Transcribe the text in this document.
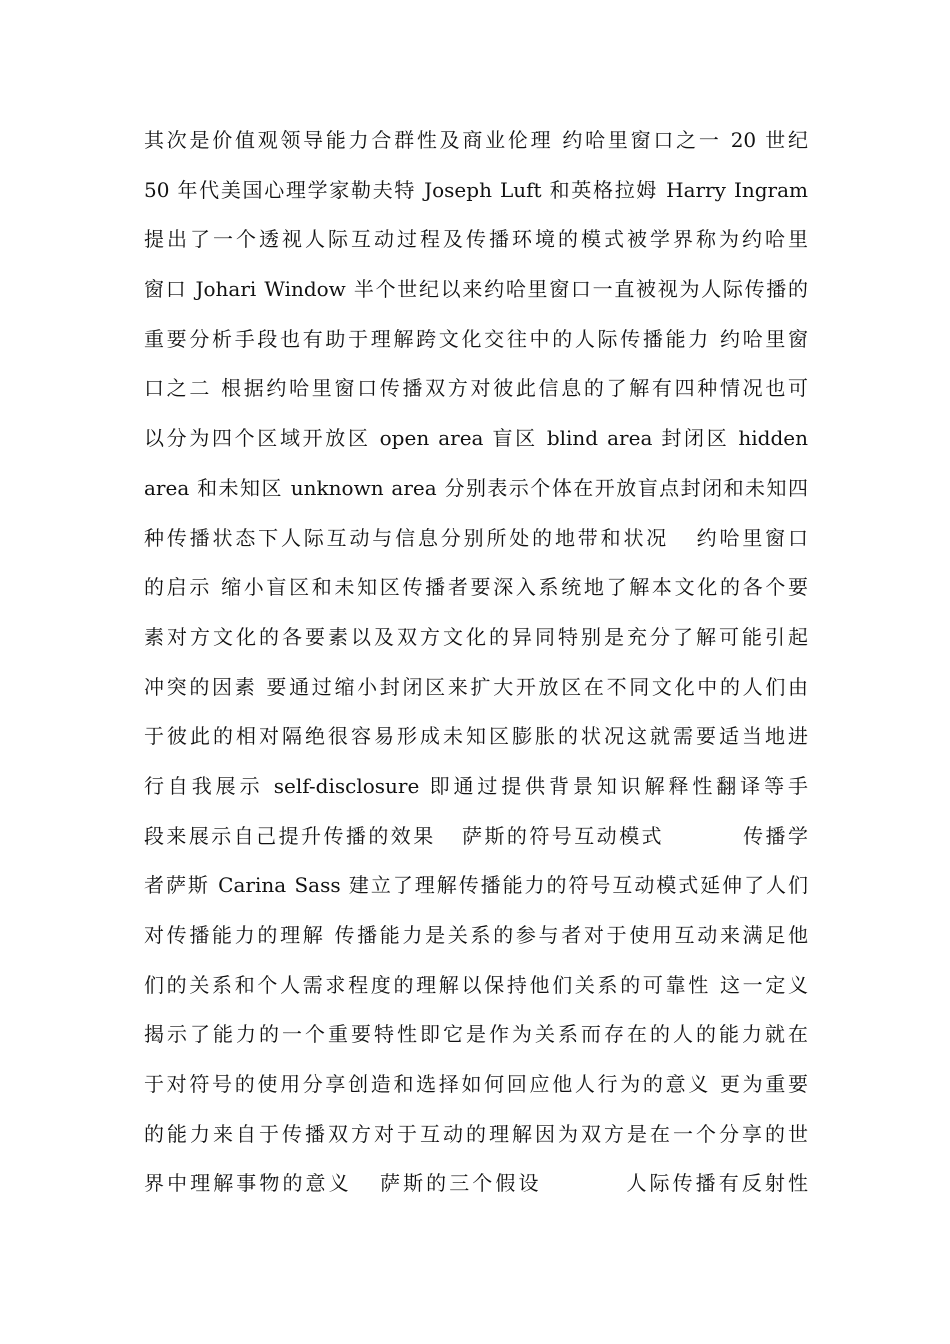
其次是价值观领导能力合群性及商业伦理 约哈里窗口之一 20 世纪
50 年代美国心理学家勒夫特 Joseph Luft 和英格拉姆 Harry Ingram
提出了一个透视人际互动过程及传播环境的模式被学界称为约哈里
窗口 Johari Window 半个世纪以来约哈里窗口一直被视为人际传播的
重要分析手段也有助于理解跨文化交往中的人际传播能力 约哈里窗
口之二 根据约哈里窗口传播双方对彼此信息的了解有四种情况也可
以分为四个区域开放区 open area 盲区 blind area 封闭区 hidden
area 和未知区 unknown area 分别表示个体在开放盲点封闭和未知四
种传播状态下人际互动与信息分别所处的地带和状况   约哈里窗口
的启示 缩小盲区和未知区传播者要深入系统地了解本文化的各个要
素对方文化的各要素以及双方文化的异同特别是充分了解可能引起
冲突的因素 要通过缩小封闭区来扩大开放区在不同文化中的人们由
于彼此的相对隔绝很容易形成未知区膨胀的状况这就需要适当地进
行自我展示 self-disclosure 即通过提供背景知识解释性翻译等手
段来展示自己提升传播的效果   萨斯的符号互动模式         传播学
者萨斯 Carina Sass 建立了理解传播能力的符号互动模式延伸了人们
对传播能力的理解 传播能力是关系的参与者对于使用互动来满足他
们的关系和个人需求程度的理解以保持他们关系的可靠性 这一定义
揭示了能力的一个重要特性即它是作为关系而存在的人的能力就在
于对符号的使用分享创造和选择如何回应他人行为的意义 更为重要
的能力来自于传播双方对于互动的理解因为双方是在一个分享的世
界中理解事物的意义   萨斯的三个假设         人际传播有反射性
